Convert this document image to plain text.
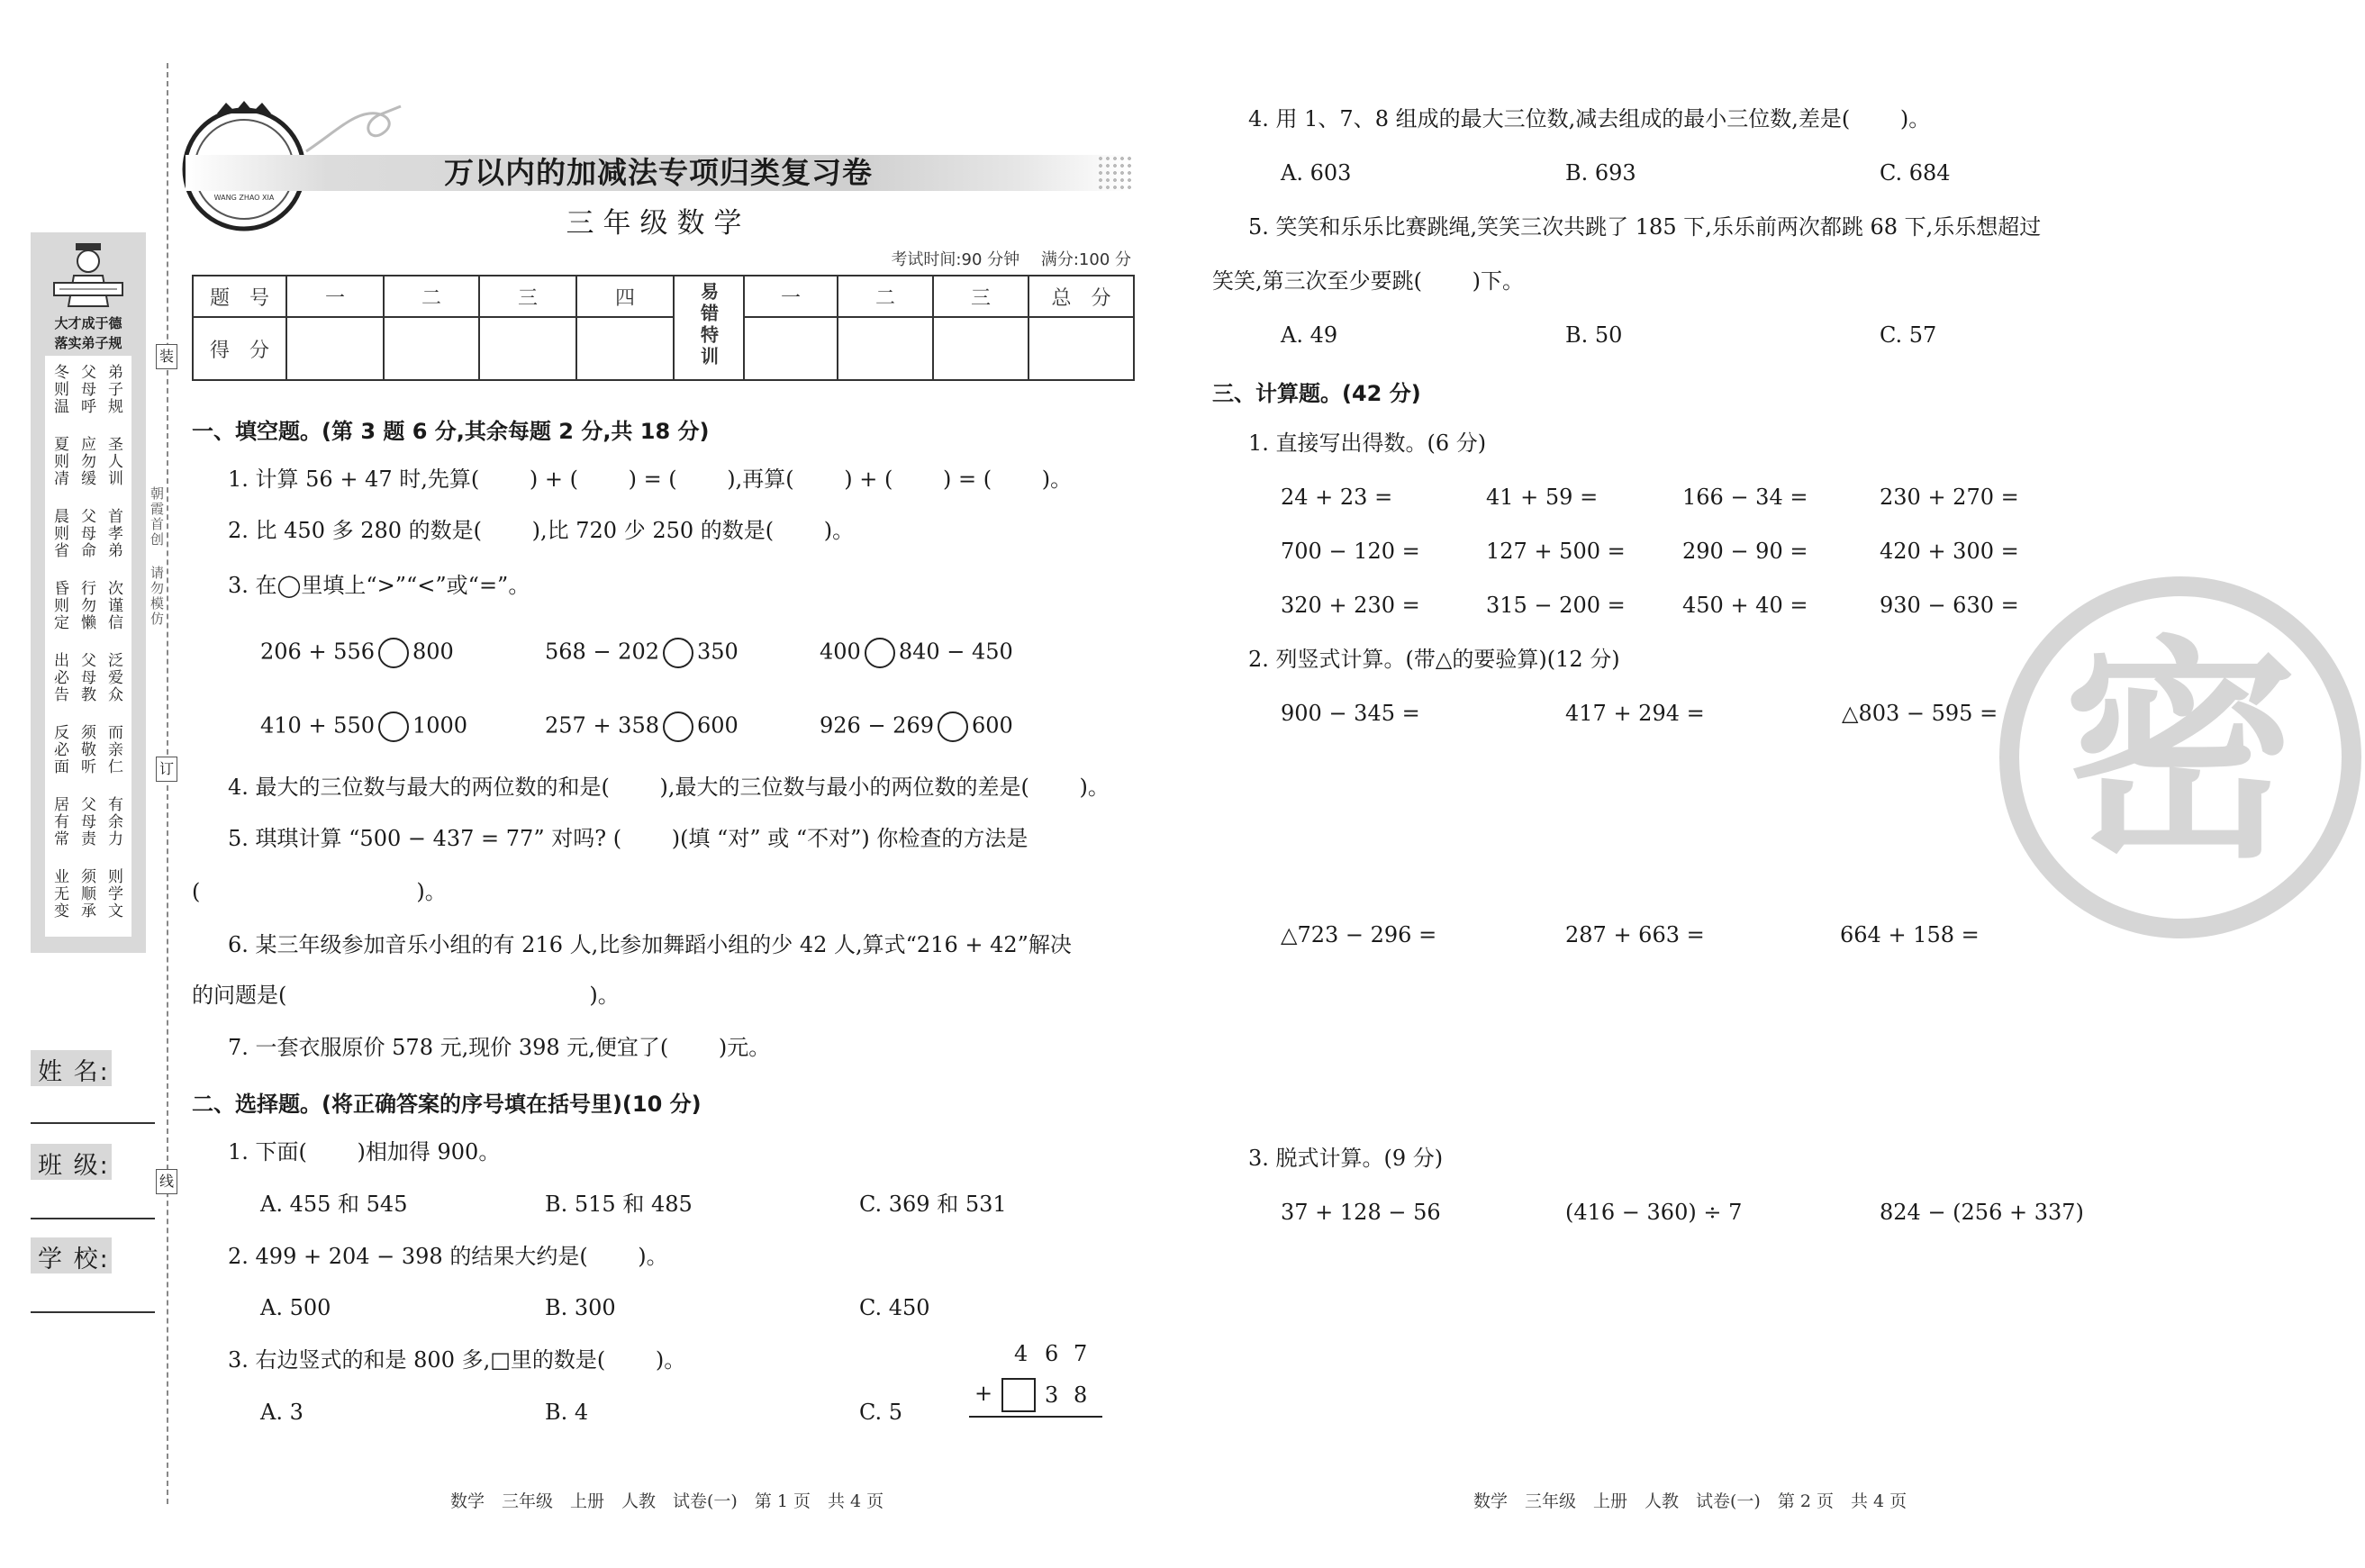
大才成于德
落实弟子规
冬则温 父母呼 弟子规
夏则凊 应勿缓 圣人训
晨则省 父母命 首孝弟
昏则定 行勿懒 次谨信
出必告 父母教 泛爱众
反必面 须敬听 而亲仁
居有常 父母责 有余力
业无变 须顺承 则学文
姓 名:
班 级:
学 校:
装
订
线
朝霞首创
请勿模仿
WANG ZHAO XIA
万以内的加减法专项归类复习卷
三年级数学
考试时间:90 分钟　 满分:100 分
题　号	一	二	三	四	易错特训	一	二	三	总　分
得　分									
一、填空题。(第 3 题 6 分,其余每题 2 分,共 18 分)
1. 计算 56 + 47 时,先算(　　 ) + (　　 ) = (　　 ),再算(　　 ) + (　　 ) = (　　 )。
2. 比 450 多 280 的数是(　　 ),比 720 少 250 的数是(　　 )。
3. 在◯里填上“>”“<”或“=”。
206 + 556 800	568 − 202 350	400 840 − 450
410 + 550 1000	257 + 358 600	926 − 269 600
4. 最大的三位数与最大的两位数的和是(　　 ),最大的三位数与最小的两位数的差是(　　 )。
5. 琪琪计算 “500 − 437 = 77” 对吗? (　　 )(填 “对” 或 “不对”) 你检查的方法是
(　　　　　　　　　　)。
6. 某三年级参加音乐小组的有 216 人,比参加舞蹈小组的少 42 人,算式“216 + 42”解决
的问题是(　　　　　　　　　　　　　　)。
7. 一套衣服原价 578 元,现价 398 元,便宜了(　　 )元。
二、选择题。(将正确答案的序号填在括号里)(10 分)
1. 下面(　　 )相加得 900。
A. 455 和 545	B. 515 和 485	C. 369 和 531
2. 499 + 204 − 398 的结果大约是(　　 )。
A. 500	B. 300	C. 450
3. 右边竖式的和是 800 多,□里的数是(　　 )。
A. 3	B. 4	C. 5
4 6 7
+ 3 8
数学　三年级　上册　人教　试卷(一)　第 1 页　共 4 页
4. 用 1、7、8 组成的最大三位数,减去组成的最小三位数,差是(　　 )。
A. 603	B. 693	C. 684
5. 笑笑和乐乐比赛跳绳,笑笑三次共跳了 185 下,乐乐前两次都跳 68 下,乐乐想超过
笑笑,第三次至少要跳(　　 )下。
A. 49	B. 50	C. 57
三、计算题。(42 分)
1. 直接写出得数。(6 分)
24 + 23 =	41 + 59 =	166 − 34 =	230 + 270 =
700 − 120 =	127 + 500 =	290 − 90 =	420 + 300 =
320 + 230 =	315 − 200 =	450 + 40 =	930 − 630 =
2. 列竖式计算。(带△的要验算)(12 分)
900 − 345 =	417 + 294 =	△803 − 595 =
△723 − 296 =	287 + 663 =	664 + 158 =
3. 脱式计算。(9 分)
37 + 128 − 56	(416 − 360) ÷ 7	824 − (256 + 337)
数学　三年级　上册　人教　试卷(一)　第 2 页　共 4 页
密
